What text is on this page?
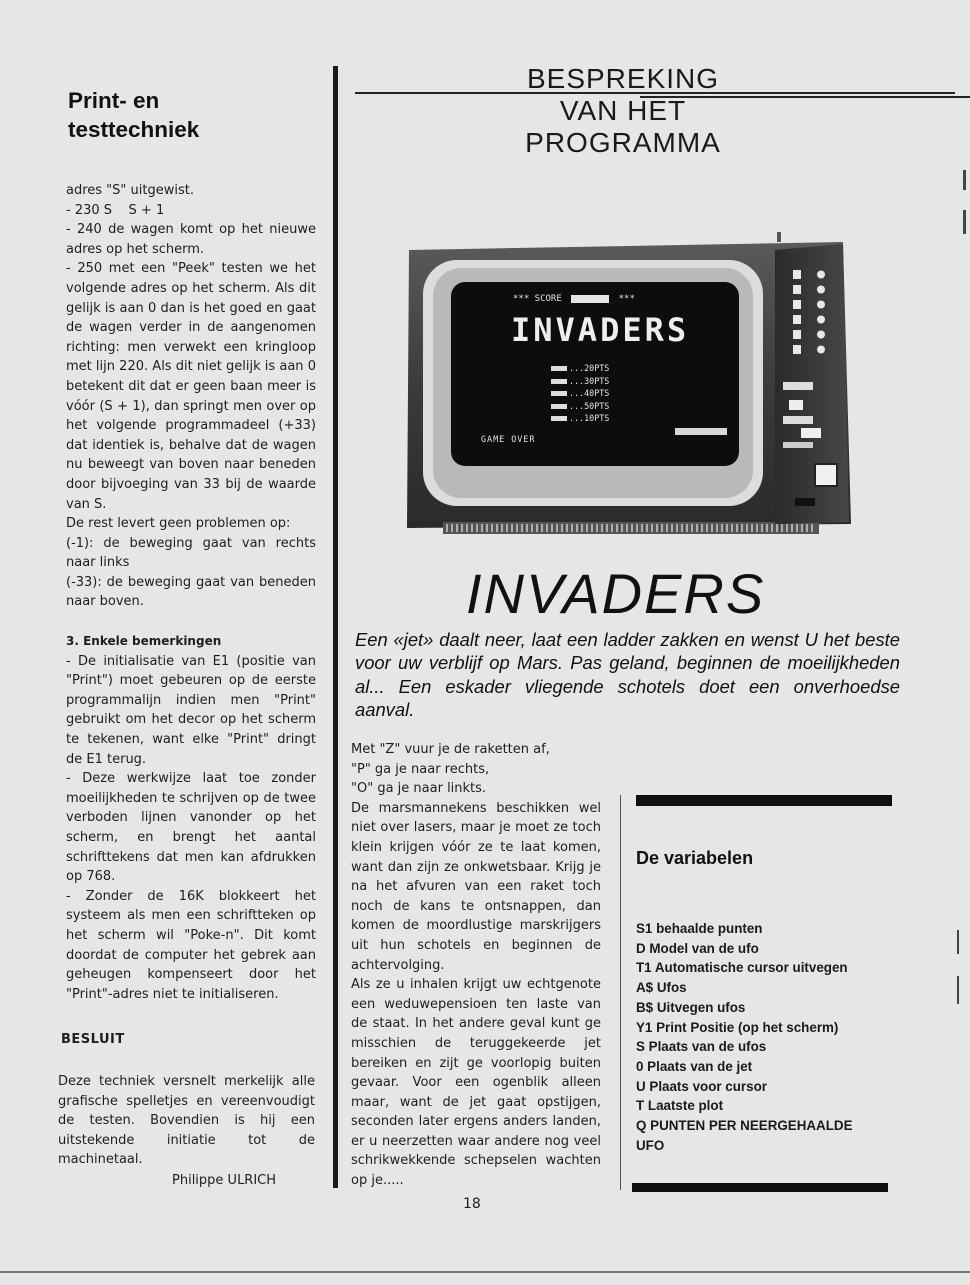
Print- en
testtechniek

adres "S" uitgewist.

- 230 S    S + 1

- 240 de wagen komt op het nieuwe adres op het scherm.

- 250 met een "Peek" testen we het volgende adres op het scherm. Als dit gelijk is aan 0 dan is het goed en gaat de wagen verder in de aangenomen richting: men verwekt een kringloop met lijn 220. Als dit niet gelijk is aan 0 betekent dit dat er geen baan meer is vóór (S + 1), dan springt men over op het volgende programmadeel (+33) dat identiek is, behalve dat de wagen nu beweegt van boven naar beneden door bijvoeging van 33 bij de waarde van S.

De rest levert geen problemen op:

(-1): de beweging gaat van rechts naar links

(-33): de beweging gaat van beneden naar boven.

3. Enkele bemerkingen

- De initialisatie van E1 (positie van "Print") moet gebeuren op de eerste programmalijn indien men "Print" gebruikt om het decor op het scherm te tekenen, want elke "Print" dringt de E1 terug.

- Deze werkwijze laat toe zonder moeilijkheden te schrijven op de twee verboden lijnen vanonder op het scherm, en brengt het aantal schrifttekens dat men kan afdrukken op 768.

- Zonder de 16K blokkeert het systeem als men een schriftteken op het scherm wil "Poke-n". Dit komt doordat de computer het gebrek aan geheugen kompenseert door het "Print"-adres niet te initialiseren.

BESLUIT
Deze techniek versnelt merkelijk alle grafische spelletjes en vereenvoudigt de testen. Bovendien is hij een uitstekende initiatie tot de machinetaal.
Philippe ULRICH
BESPREKING
VAN HET
PROGRAMMA
*** SCORE	***
INVADERS
...20PTS
...30PTS
...40PTS
...50PTS
...10PTS
GAME OVER
INVADERS
Een «jet» daalt neer, laat een ladder zakken en wenst U het beste voor uw verblijf op Mars. Pas geland, beginnen de moeilijkheden al... Een eskader vliegende schotels doet een onverhoedse aanval.

Met "Z" vuur je de raketten af,

"P" ga je naar rechts,

"O" ga je naar linkts.

De marsmannekens beschikken wel niet over lasers, maar je moet ze toch klein krijgen vóór ze te laat komen, want dan zijn ze onkwetsbaar. Krijg je na het afvuren van een raket toch noch de kans te ontsnappen, dan komen de moordlustige marskrijgers uit hun schotels en beginnen de achtervolging.

Als ze u inhalen krijgt uw echtgenote een weduwepensioen ten laste van de staat. In het andere geval kunt ge misschien de teruggekeerde jet bereiken en zijt ge voorlopig buiten gevaar. Voor een ogenblik alleen maar, want de jet gaat opstijgen, seconden later ergens anders landen, er u neerzetten waar andere nog veel schrikwekkende schepselen wachten op je.....

De variabelen
S1 behaalde punten
D Model van de ufo
T1 Automatische cursor uitvegen
A$ Ufos
B$ Uitvegen ufos
Y1 Print Positie (op het scherm)
S Plaats van de ufos
0 Plaats van de jet
U Plaats voor cursor
T Laatste plot
Q PUNTEN PER NEERGEHAALDE
UFO
18
